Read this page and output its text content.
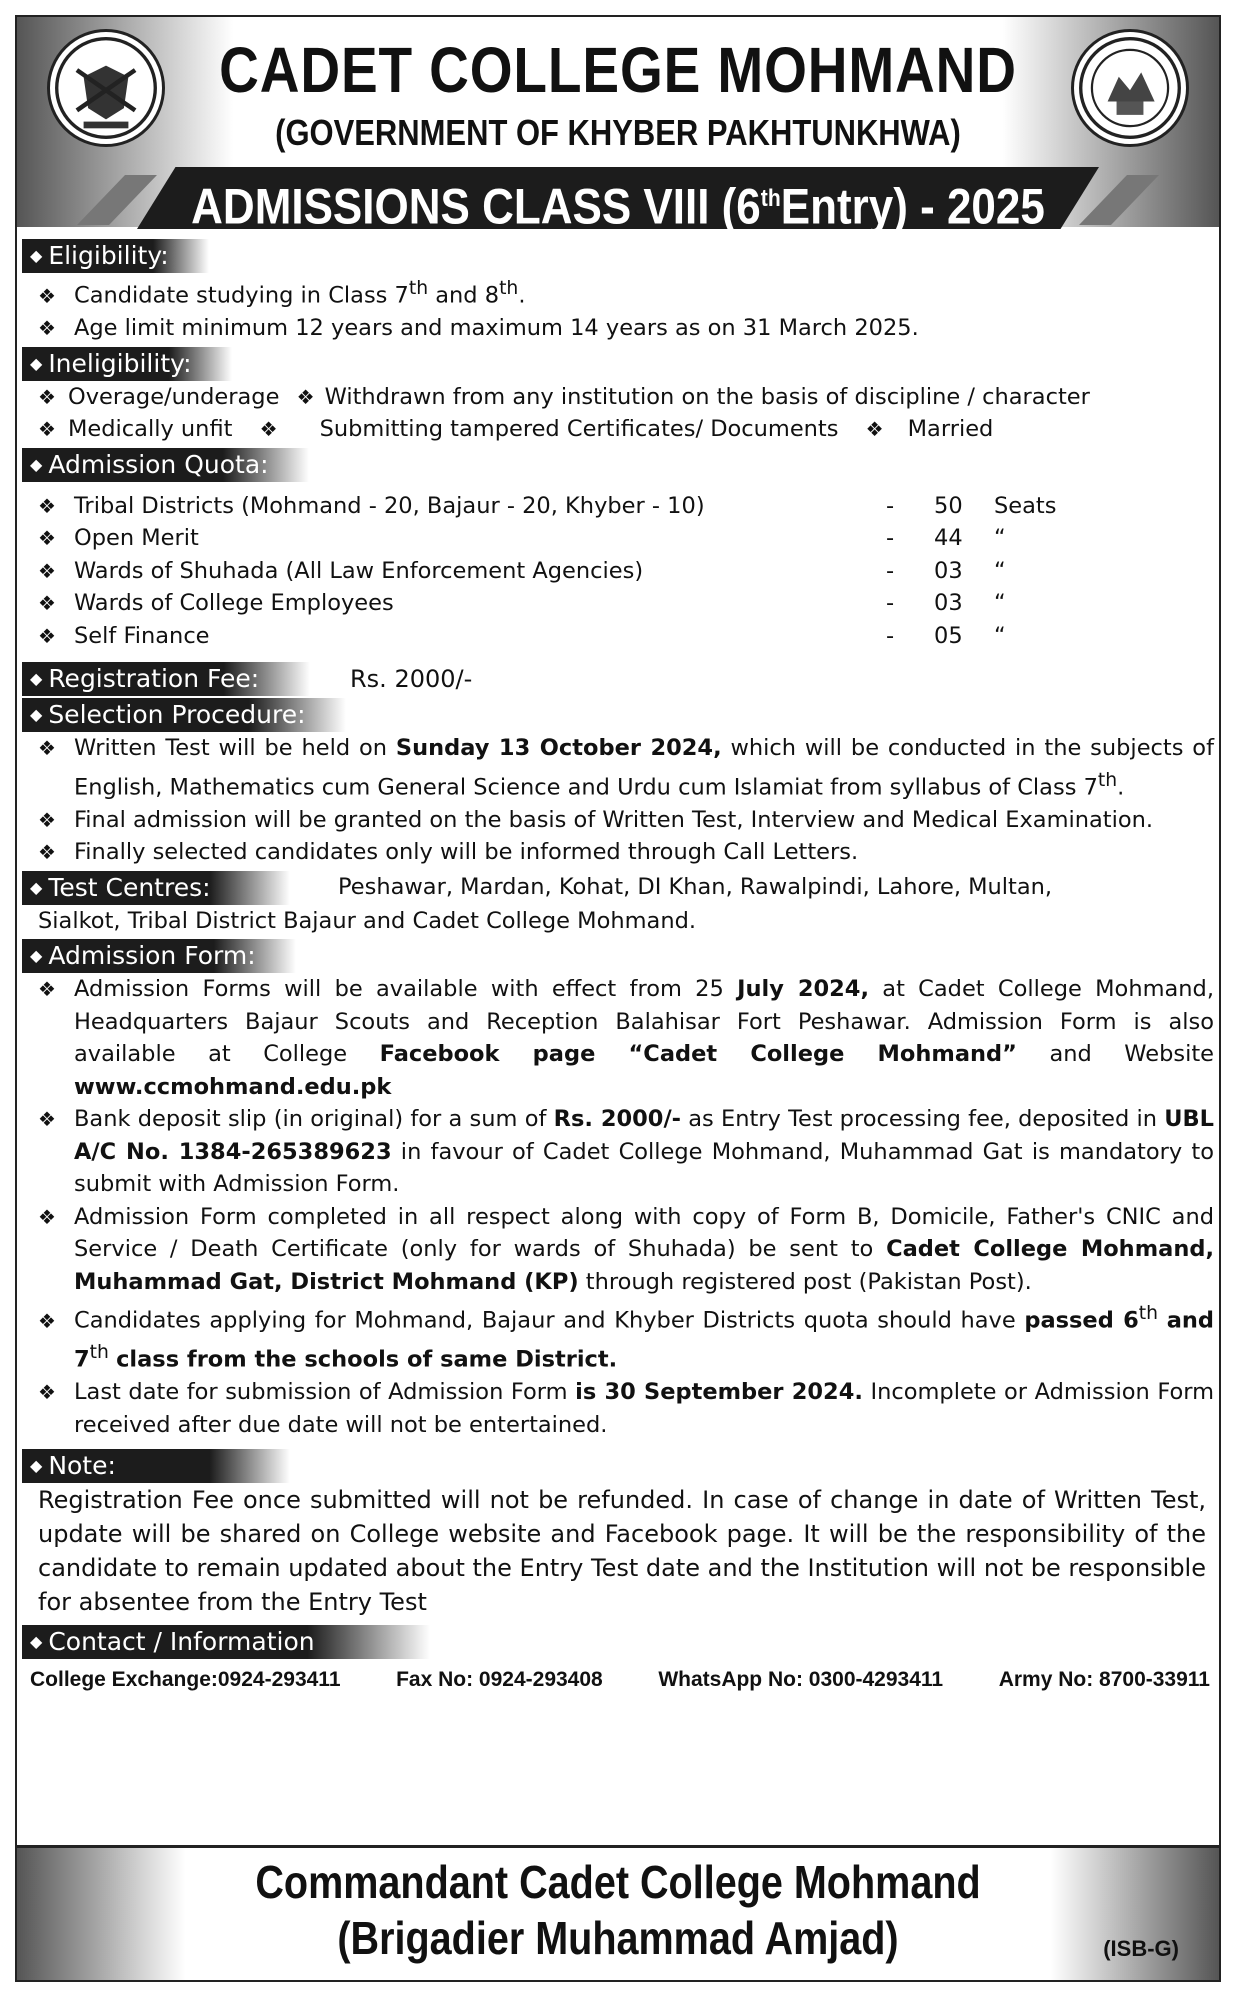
CADET COLLEGE MOHMAND
(GOVERNMENT OF KHYBER PAKHTUNKHWA)
ADMISSIONS CLASS VIII (6thEntry) - 2025
◆ Eligibility:
❖ Candidate studying in Class 7th and 8th.
❖ Age limit minimum 12 years and maximum 14 years as on 31 March 2025.
◆ Ineligibility:
❖ Overage/underage ❖ Withdrawn from any institution on the basis of discipline / character
❖ Medically unfit ❖ Submitting tampered Certificates/ Documents ❖ Married
◆ Admission Quota:
❖ Tribal Districts (Mohmand - 20, Bajaur - 20, Khyber - 10)	-	50	Seats
❖ Open Merit	-	44	“
❖ Wards of Shuhada (All Law Enforcement Agencies)	-	03	“
❖ Wards of College Employees	-	03	“
❖ Self Finance	-	05	“
◆ Registration Fee:	Rs. 2000/-
◆ Selection Procedure:
❖ Written Test will be held on Sunday 13 October 2024, which will be conducted in the subjects of English, Mathematics cum General Science and Urdu cum Islamiat from syllabus of Class 7th.
❖ Final admission will be granted on the basis of Written Test, Interview and Medical Examination.
❖ Finally selected candidates only will be informed through Call Letters.
◆ Test Centres:	Peshawar, Mardan, Kohat, DI Khan, Rawalpindi, Lahore, Multan,
Sialkot, Tribal District Bajaur and Cadet College Mohmand.
◆ Admission Form:
❖ Admission Forms will be available with effect from 25 July 2024, at Cadet College Mohmand, Headquarters Bajaur Scouts and Reception Balahisar Fort Peshawar. Admission Form is also available at College Facebook page “Cadet College Mohmand” and Website www.ccmohmand.edu.pk
❖ Bank deposit slip (in original) for a sum of Rs. 2000/- as Entry Test processing fee, deposited in UBL A/C No. 1384-265389623 in favour of Cadet College Mohmand, Muhammad Gat is mandatory to submit with Admission Form.
❖ Admission Form completed in all respect along with copy of Form B, Domicile, Father's CNIC and Service / Death Certificate (only for wards of Shuhada) be sent to Cadet College Mohmand, Muhammad Gat, District Mohmand (KP) through registered post (Pakistan Post).
❖ Candidates applying for Mohmand, Bajaur and Khyber Districts quota should have passed 6th and 7th class from the schools of same District.
❖ Last date for submission of Admission Form is 30 September 2024. Incomplete or Admission Form received after due date will not be entertained.
◆ Note:
Registration Fee once submitted will not be refunded. In case of change in date of Written Test, update will be shared on College website and Facebook page. It will be the responsibility of the candidate to remain updated about the Entry Test date and the Institution will not be responsible for absentee from the Entry Test
◆ Contact / Information
College Exchange:0924-293411	Fax No: 0924-293408	WhatsApp No: 0300-4293411	Army No: 8700-33911
Commandant Cadet College Mohmand
(Brigadier Muhammad Amjad)	(ISB-G)
